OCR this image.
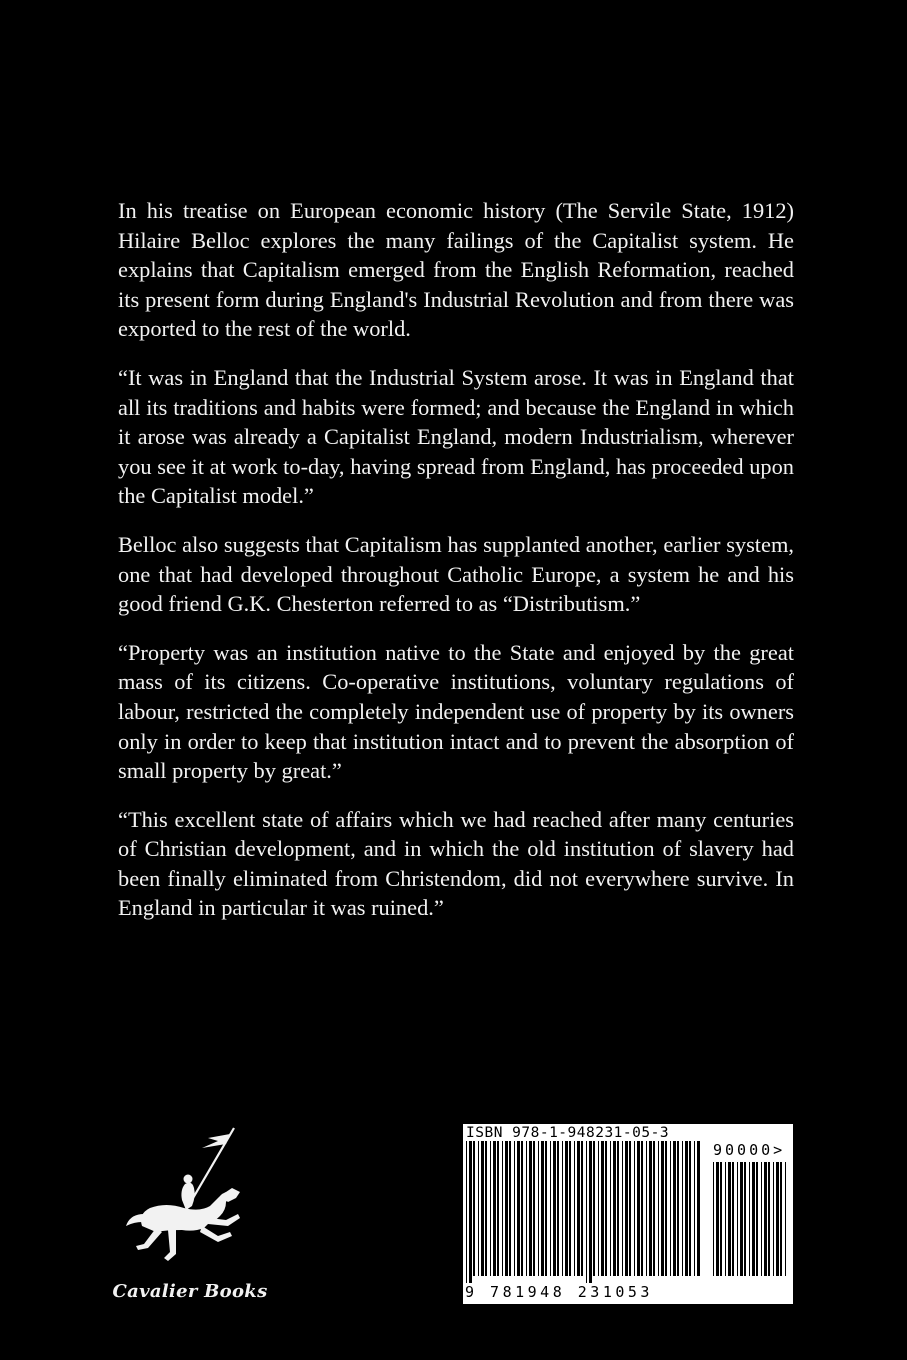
In his treatise on European economic history (The Servile State, 1912) Hilaire Belloc explores the many failings of the Capitalist system. He explains that Capitalism emerged from the English Reformation, reached its present form during England's Industrial Revolution and from there was exported to the rest of the world.

“It was in England that the Industrial System arose. It was in England that all its traditions and habits were formed; and because the England in which it arose was already a Capitalist England, modern Industrialism, wherever you see it at work to-day, having spread from England, has proceeded upon the Capitalist model.”

Belloc also suggests that Capitalism has supplanted another, earlier system, one that had developed throughout Catholic Europe, a system he and his good friend G.K. Chesterton referred to as “Distributism.”

“Property was an institution native to the State and enjoyed by the great mass of its citizens. Co-operative institutions, voluntary regulations of labour, restricted the completely independent use of property by its owners only in order to keep that institution intact and to prevent the absorption of small property by great.”

“This excellent state of affairs which we had reached after many centuries of Christian development, and in which the old institution of slavery had been finally eliminated from Christendom, did not everywhere survive. In England in particular it was ruined.”

Cavalier Books
ISBN 978-1-948231-05-3
90000>
9 781948 231053
